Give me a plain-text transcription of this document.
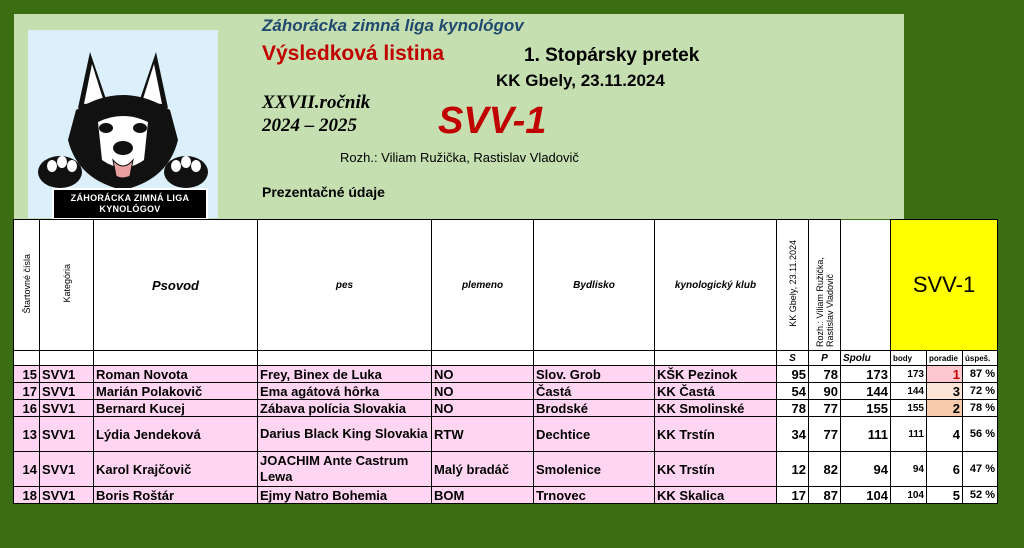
ZÁHORÁCKA ZIMNÁ LIGA
KYNOLÓGOV
Záhorácka zimná liga kynológov
Výsledková listina	1. Stopársky pretek
KK Gbely, 23.11.2024
XXVII.ročnik
2024 – 2025	SVV-1
Rozh.: Viliam Ružička, Rastislav Vladovič
Prezentačné údaje
Štartovné čísla	Kategória	Psovod	pes	plemeno	Bydlisko	kynologický klub	KK Gbely, 23.11.2024	Rozh.: Viliam Ružička, Rastislav Vladovič		SVV-1		
							S	P	Spolu	body	poradie	úspeš.
15	SVV1	Roman Novota	Frey, Binex de Luka	NO	Slov. Grob	KŠK Pezinok	95	78	173	173	1	87 %
17	SVV1	Marián Polakovič	Ema agátová hôrka	NO	Častá	KK Častá	54	90	144	144	3	72 %
16	SVV1	Bernard Kucej	Zábava polícia Slovakia	NO	Brodské	KK Smolinské	78	77	155	155	2	78 %
13	SVV1	Lýdia Jendeková	Darius Black King Slovakia	RTW	Dechtice	KK Trstín	34	77	111	111	4	56 %
14	SVV1	Karol Krajčovič	JOACHIM Ante Castrum Lewa	Malý bradáč	Smolenice	KK Trstín	12	82	94	94	6	47 %
18	SVV1	Boris Roštár	Ejmy Natro Bohemia	BOM	Trnovec	KK Skalica	17	87	104	104	5	52 %
